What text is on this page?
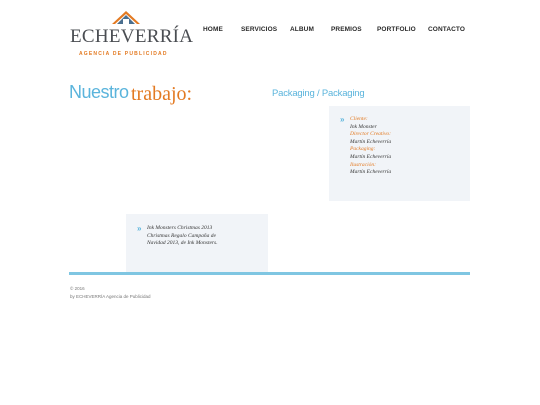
ECHEVERRÍA
AGENCIA DE PUBLICIDAD
HOME	SERVICIOS ALBUM	PREMIOS PORTFOLIO CONTACTO
Nuestro trabajo:	Packaging / Packaging
» Cliente:
Ink Monster
Director Creativo:
Martín Echeverría
Packaging:
Martín Echeverría
Ilustración:
Martín Echeverría
» Ink Monsters Christmas 2013
Christmas Regalo Campaña de
Navidad 2013, de Ink Monsters.
© 2016
by ECHEVERRÍA Agencia de Publicidad
